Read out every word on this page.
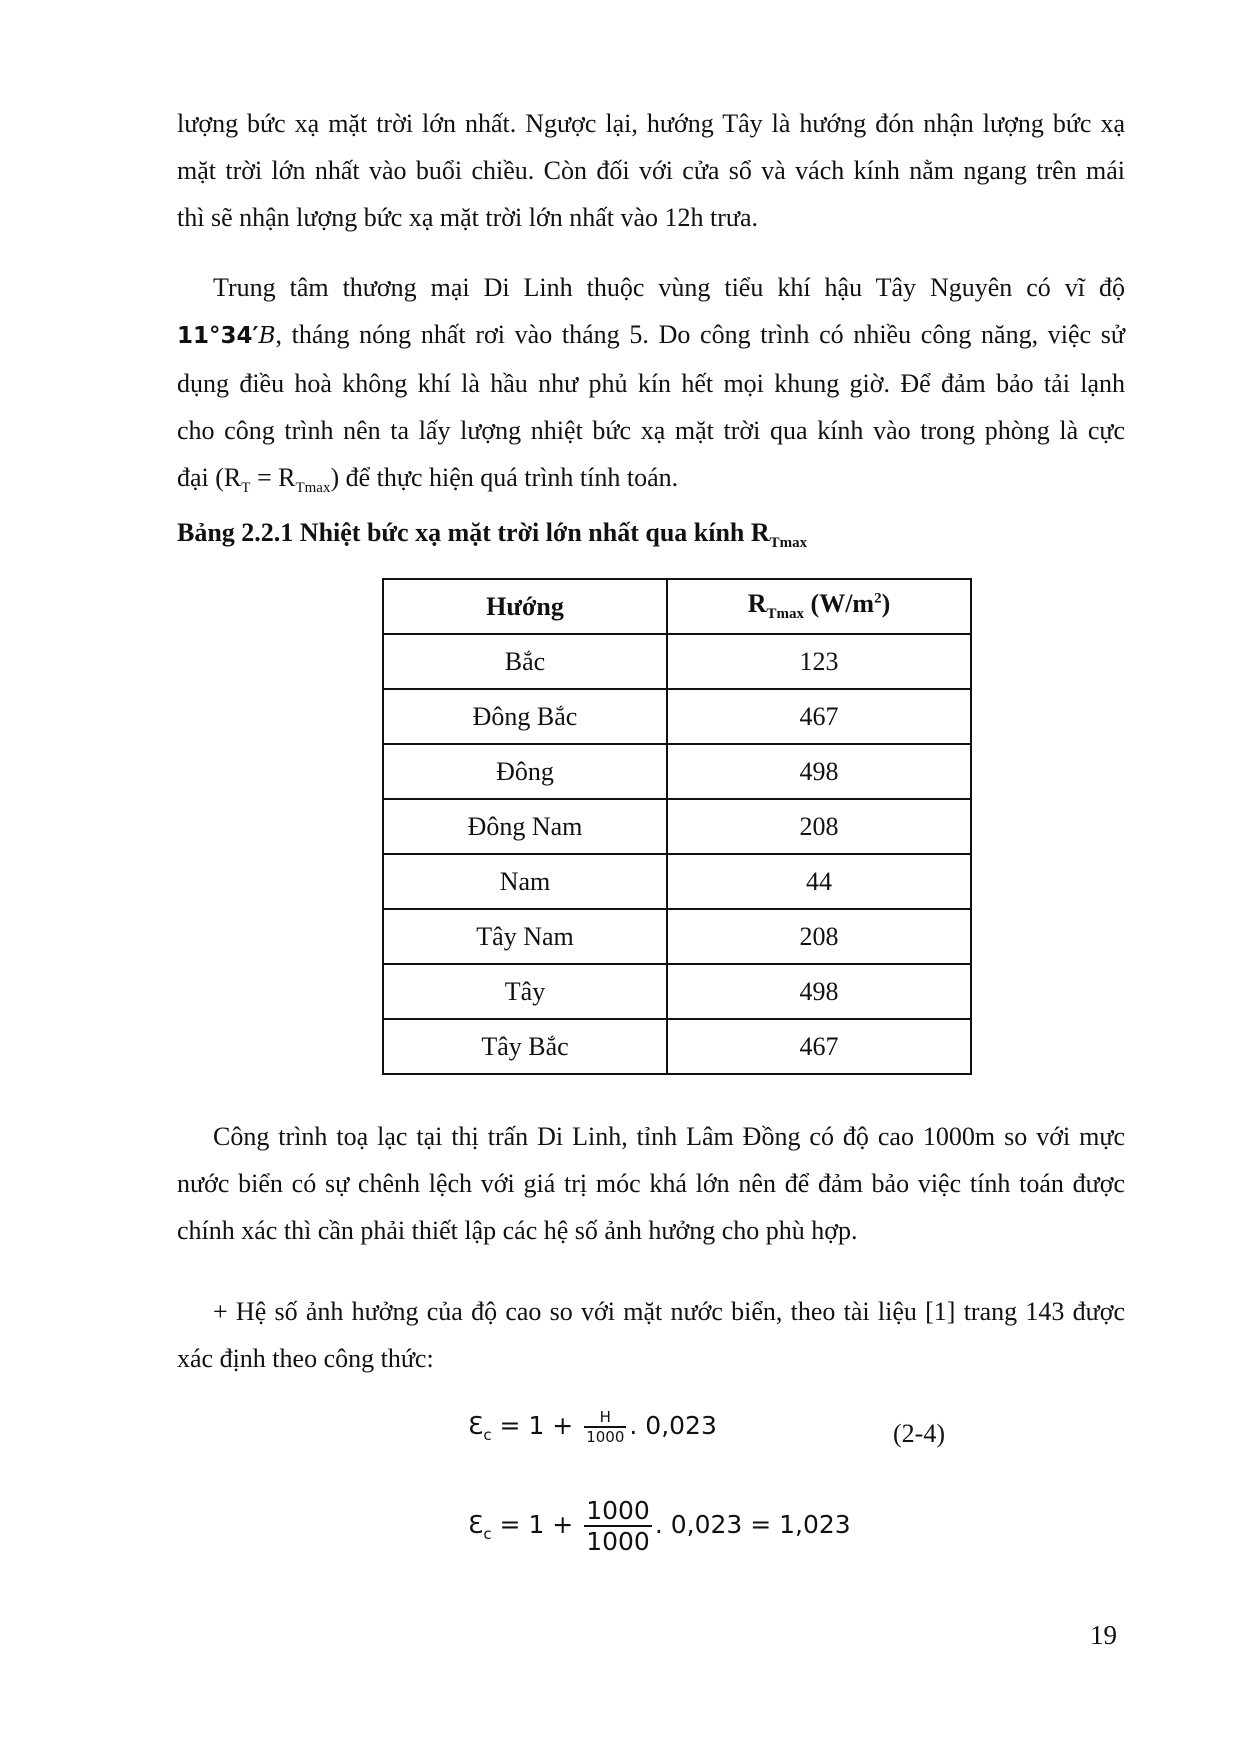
lượng bức xạ mặt trời lớn nhất. Ngược lại, hướng Tây là hướng đón nhận lượng bức xạ
mặt trời lớn nhất vào buổi chiều. Còn đối với cửa sổ và vách kính nằm ngang trên mái
thì sẽ nhận lượng bức xạ mặt trời lớn nhất vào 12h trưa.
Trung tâm thương mại Di Linh thuộc vùng tiểu khí hậu Tây Nguyên có vĩ độ
11°34′B, tháng nóng nhất rơi vào tháng 5. Do công trình có nhiều công năng, việc sử
dụng điều hoà không khí là hầu như phủ kín hết mọi khung giờ. Để đảm bảo tải lạnh
cho công trình nên ta lấy lượng nhiệt bức xạ mặt trời qua kính vào trong phòng là cực
đại $(R_T = R_{Tmax})$ để thực hiện quá trình tính toán.
Bảng 2.2.1 Nhiệt bức xạ mặt trời lớn nhất qua kính $R_{Tmax}$
Hướng	$R_{Tmax}$ $(W/m^2)$
Bắc	123
Đông Bắc	467
Đông	498
Đông Nam	208
Nam	44
Tây Nam	208
Tây	498
Tây Bắc	467
Công trình toạ lạc tại thị trấn Di Linh, tỉnh Lâm Đồng có độ cao 1000m so với mực
nước biển có sự chênh lệch với giá trị móc khá lớn nên để đảm bảo việc tính toán được
chính xác thì cần phải thiết lập các hệ số ảnh hưởng cho phù hợp.
+ Hệ số ảnh hưởng của độ cao so với mặt nước biển, theo tài liệu [1] trang 143 được
xác định theo công thức:
$Ɛ_c = 1 + \frac{H}{1000}$ . 0,023	(2-4)
$Ɛ_c = 1 + \frac{1000}{1000}$ . 0,023 = 1,023
19
